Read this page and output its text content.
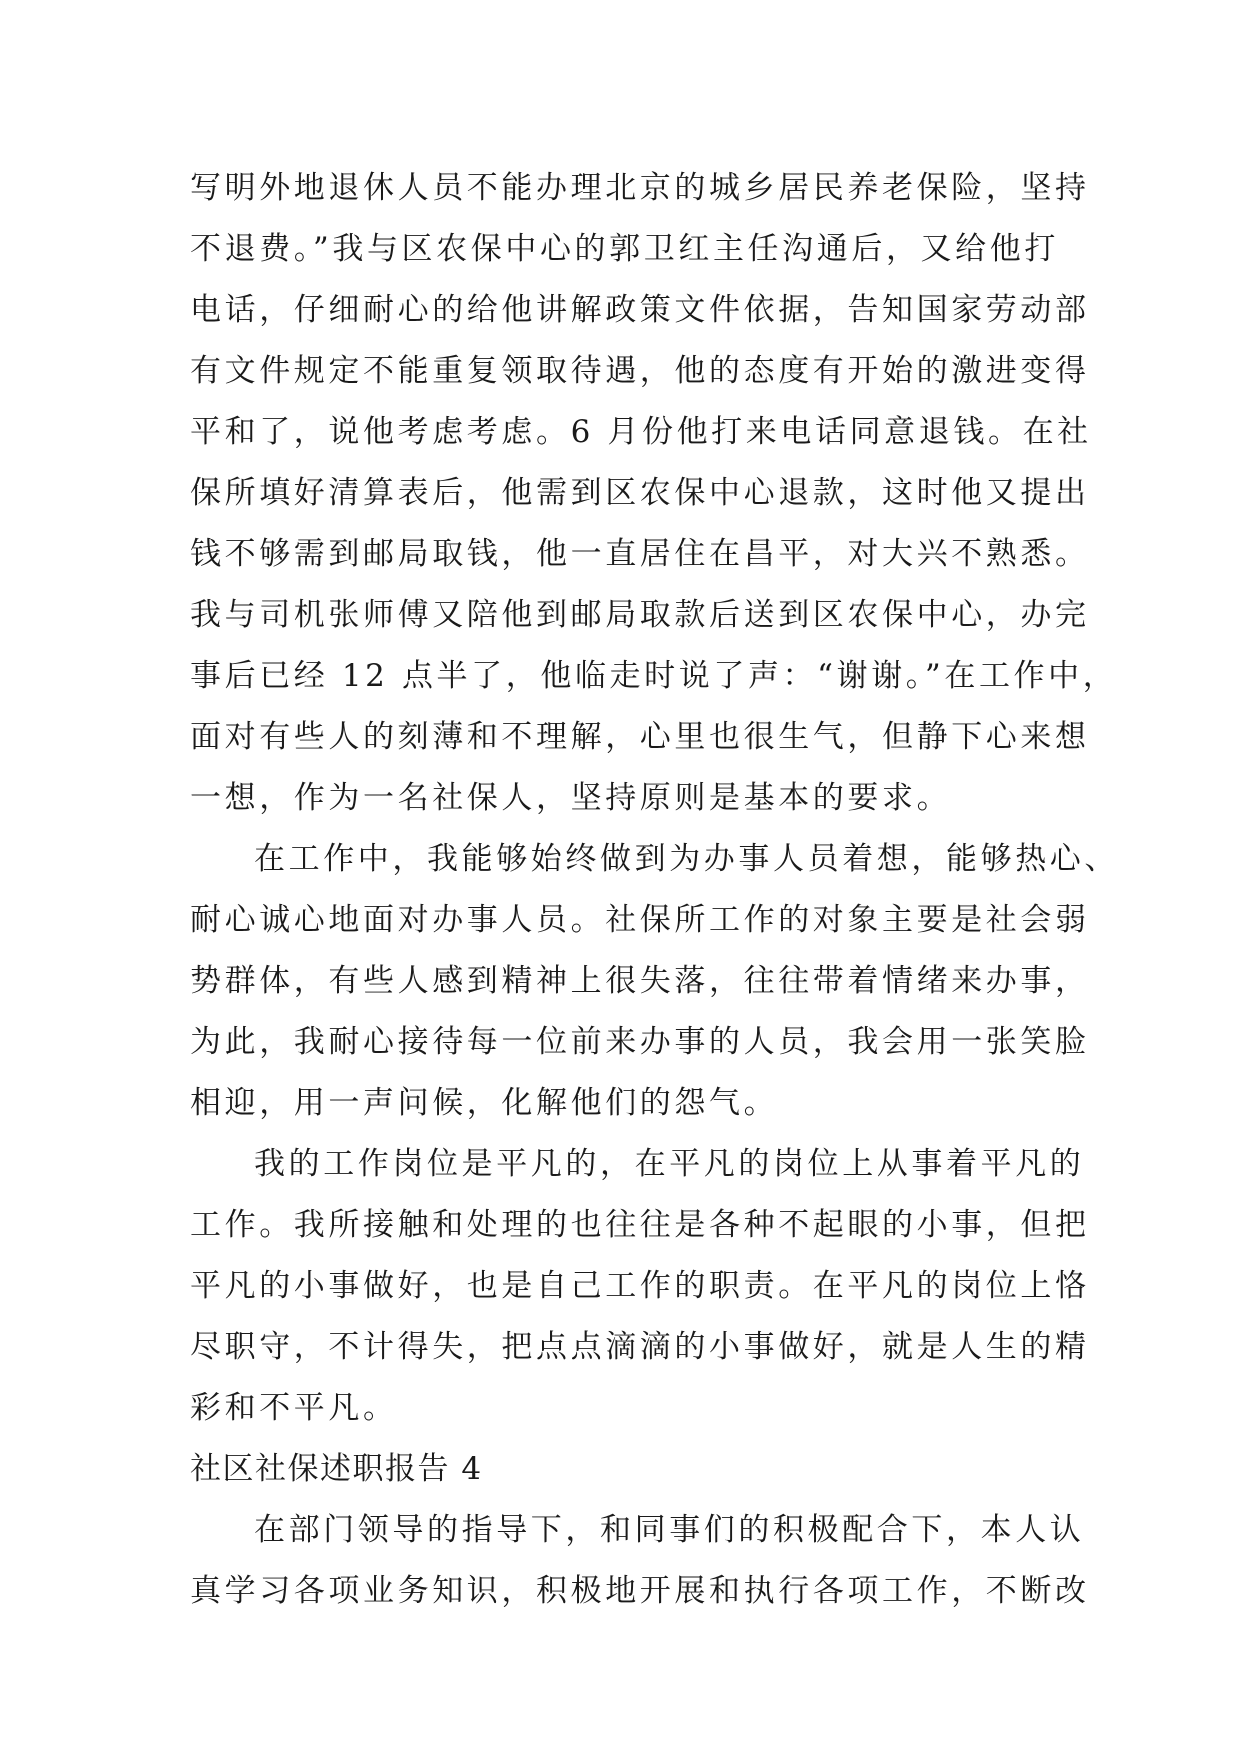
写明外地退休人员不能办理北京的城乡居民养老保险，坚持
不退费。”我与区农保中心的郭卫红主任沟通后，又给他打
电话，仔细耐心的给他讲解政策文件依据，告知国家劳动部
有文件规定不能重复领取待遇，他的态度有开始的激进变得
平和了，说他考虑考虑。6 月份他打来电话同意退钱。在社
保所填好清算表后，他需到区农保中心退款，这时他又提出
钱不够需到邮局取钱，他一直居住在昌平，对大兴不熟悉。
我与司机张师傅又陪他到邮局取款后送到区农保中心，办完
事后已经 12 点半了，他临走时说了声：“谢谢。”在工作中，
面对有些人的刻薄和不理解，心里也很生气，但静下心来想
一想，作为一名社保人，坚持原则是基本的要求。
在工作中，我能够始终做到为办事人员着想，能够热心、
耐心诚心地面对办事人员。社保所工作的对象主要是社会弱
势群体，有些人感到精神上很失落，往往带着情绪来办事，
为此，我耐心接待每一位前来办事的人员，我会用一张笑脸
相迎，用一声问候，化解他们的怨气。
我的工作岗位是平凡的，在平凡的岗位上从事着平凡的
工作。我所接触和处理的也往往是各种不起眼的小事，但把
平凡的小事做好，也是自己工作的职责。在平凡的岗位上恪
尽职守，不计得失，把点点滴滴的小事做好，就是人生的精
彩和不平凡。
社区社保述职报告 4
在部门领导的指导下，和同事们的积极配合下，本人认
真学习各项业务知识，积极地开展和执行各项工作，不断改
